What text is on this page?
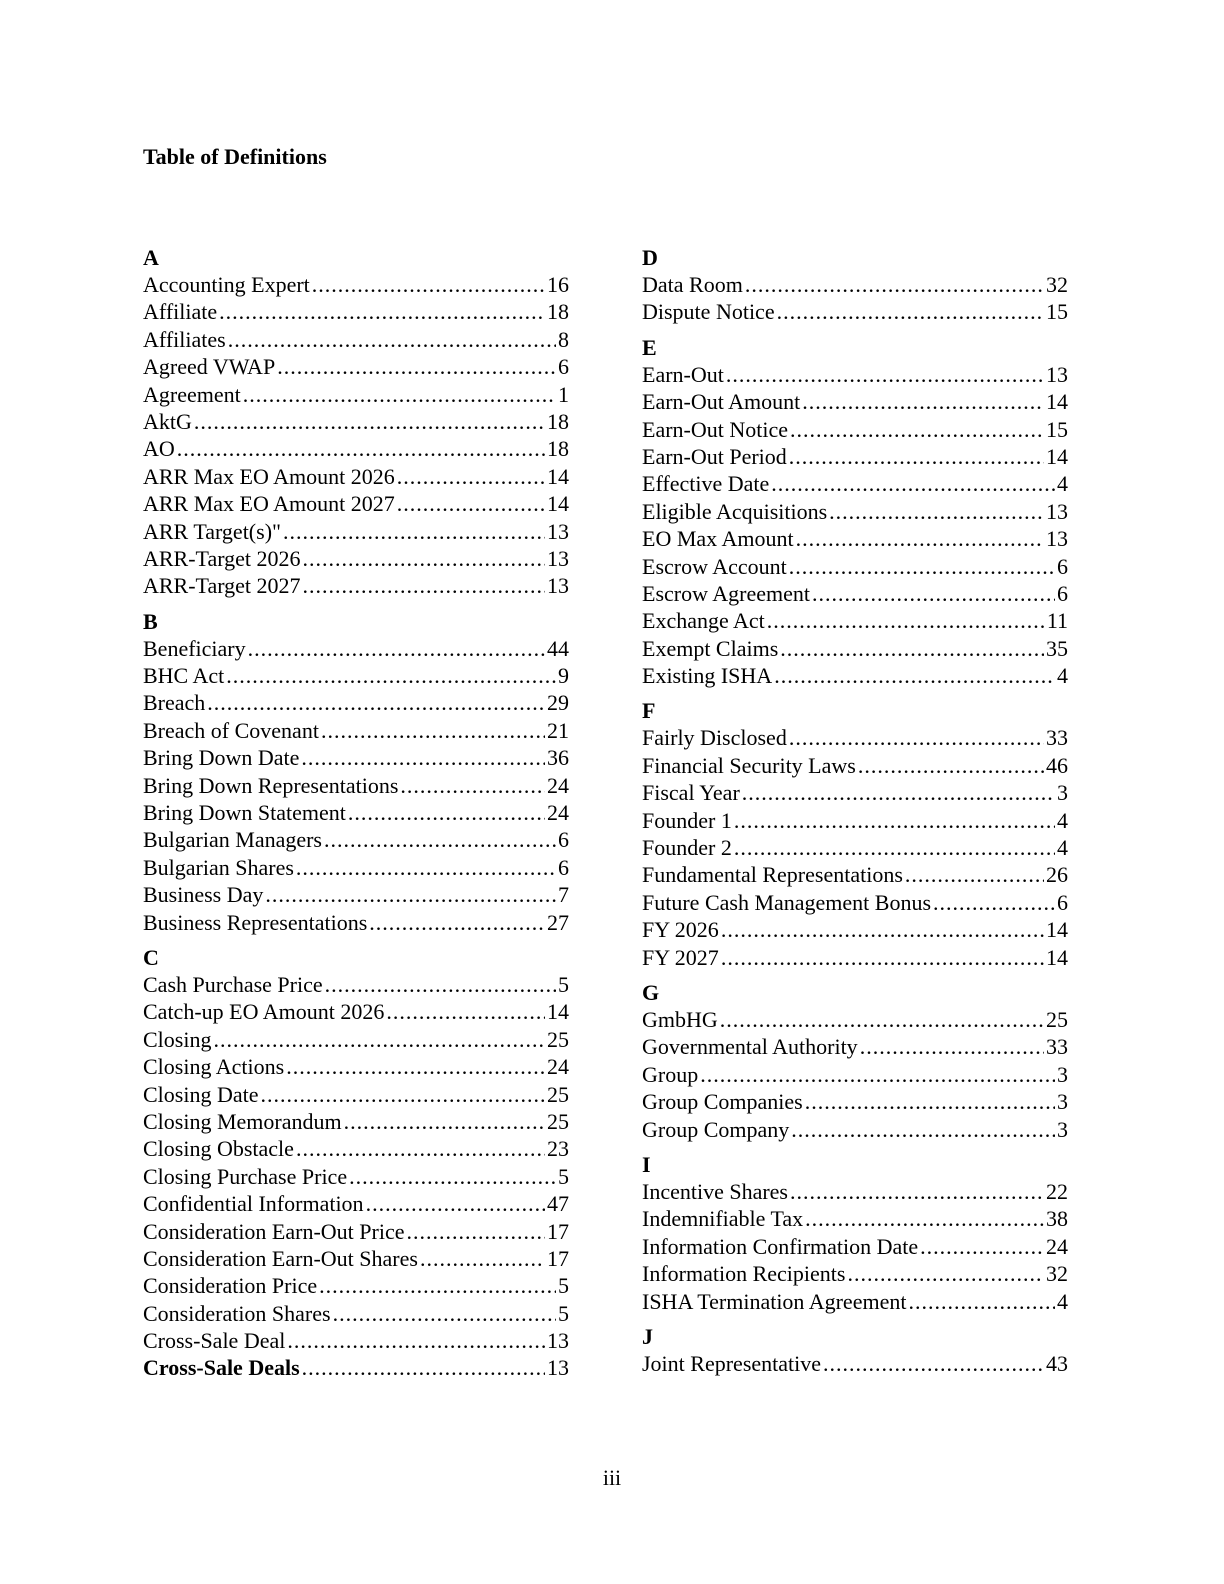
Table of Definitions
A
Accounting Expert .....	16
Affiliate .....	18
Affiliates .....	8
Agreed VWAP .....	6
Agreement .....	1
AktG .....	18
AO .....	18
ARR Max EO Amount 2026 .....	14
ARR Max EO Amount 2027 .....	14
ARR Target(s)" .....	13
ARR-Target 2026 .....	13
ARR-Target 2027 .....	13
B
Beneficiary .....	44
BHC Act .....	9
Breach .....	29
Breach of Covenant .....	21
Bring Down Date .....	36
Bring Down Representations .....	24
Bring Down Statement .....	24
Bulgarian Managers .....	6
Bulgarian Shares .....	6
Business Day .....	7
Business Representations .....	27
C
Cash Purchase Price .....	5
Catch-up EO Amount 2026 .....	14
Closing .....	25
Closing Actions .....	24
Closing Date .....	25
Closing Memorandum .....	25
Closing Obstacle .....	23
Closing Purchase Price .....	5
Confidential Information .....	47
Consideration Earn-Out Price .....	17
Consideration Earn-Out Shares .....	17
Consideration Price .....	5
Consideration Shares .....	5
Cross-Sale Deal .....	13
Cross-Sale Deals .....	13
D
Data Room .....	32
Dispute Notice .....	15
E
Earn-Out .....	13
Earn-Out Amount .....	14
Earn-Out Notice .....	15
Earn-Out Period .....	14
Effective Date .....	4
Eligible Acquisitions .....	13
EO Max Amount .....	13
Escrow Account .....	6
Escrow Agreement .....	6
Exchange Act .....	11
Exempt Claims .....	35
Existing ISHA .....	4
F
Fairly Disclosed .....	33
Financial Security Laws .....	46
Fiscal Year .....	3
Founder 1 .....	4
Founder 2 .....	4
Fundamental Representations .....	26
Future Cash Management Bonus .....	6
FY 2026 .....	14
FY 2027 .....	14
G
GmbHG .....	25
Governmental Authority .....	33
Group .....	3
Group Companies .....	3
Group Company .....	3
I
Incentive Shares .....	22
Indemnifiable Tax .....	38
Information Confirmation Date .....	24
Information Recipients .....	32
ISHA Termination Agreement .....	4
J
Joint Representative .....	43
iii
